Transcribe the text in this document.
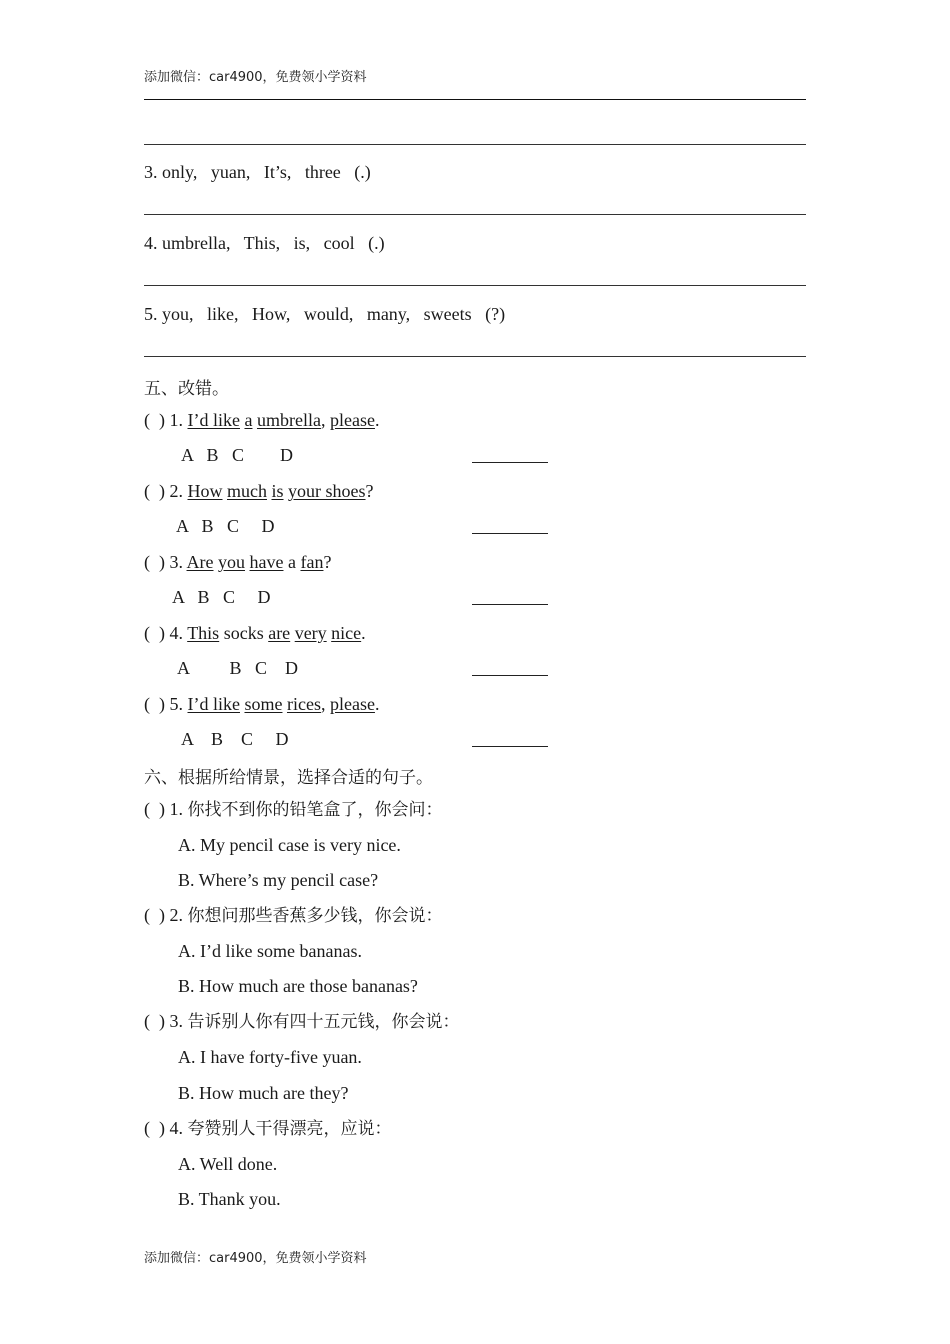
添加微信：car4900，免费领小学资料
3. only,   yuan,   It’s,   three   (.)
4. umbrella,   This,   is,   cool   (.)
5. you,   like,   How,   would,   many,   sweets   (?)
五、改错。
(  ) 1. I’d like a umbrella, please.
A   B   C        D
(  ) 2. How much is your shoes?
A   B   C     D
(  ) 3. Are you have a fan?
A   B   C     D
(  ) 4. This socks are very nice.
A         B   C    D
(  ) 5. I’d like some rices, please.
A    B    C     D
六、根据所给情景，选择合适的句子。
(  ) 1. 你找不到你的铅笔盒了，你会问：
A. My pencil case is very nice.
B. Where’s my pencil case?
(  ) 2. 你想问那些香蕉多少钱，你会说：
A. I’d like some bananas.
B. How much are those bananas?
(  ) 3. 告诉别人你有四十五元钱，你会说：
A. I have forty-five yuan.
B. How much are they?
(  ) 4. 夸赞别人干得漂亮，应说：
A. Well done.
B. Thank you.
添加微信：car4900，免费领小学资料
